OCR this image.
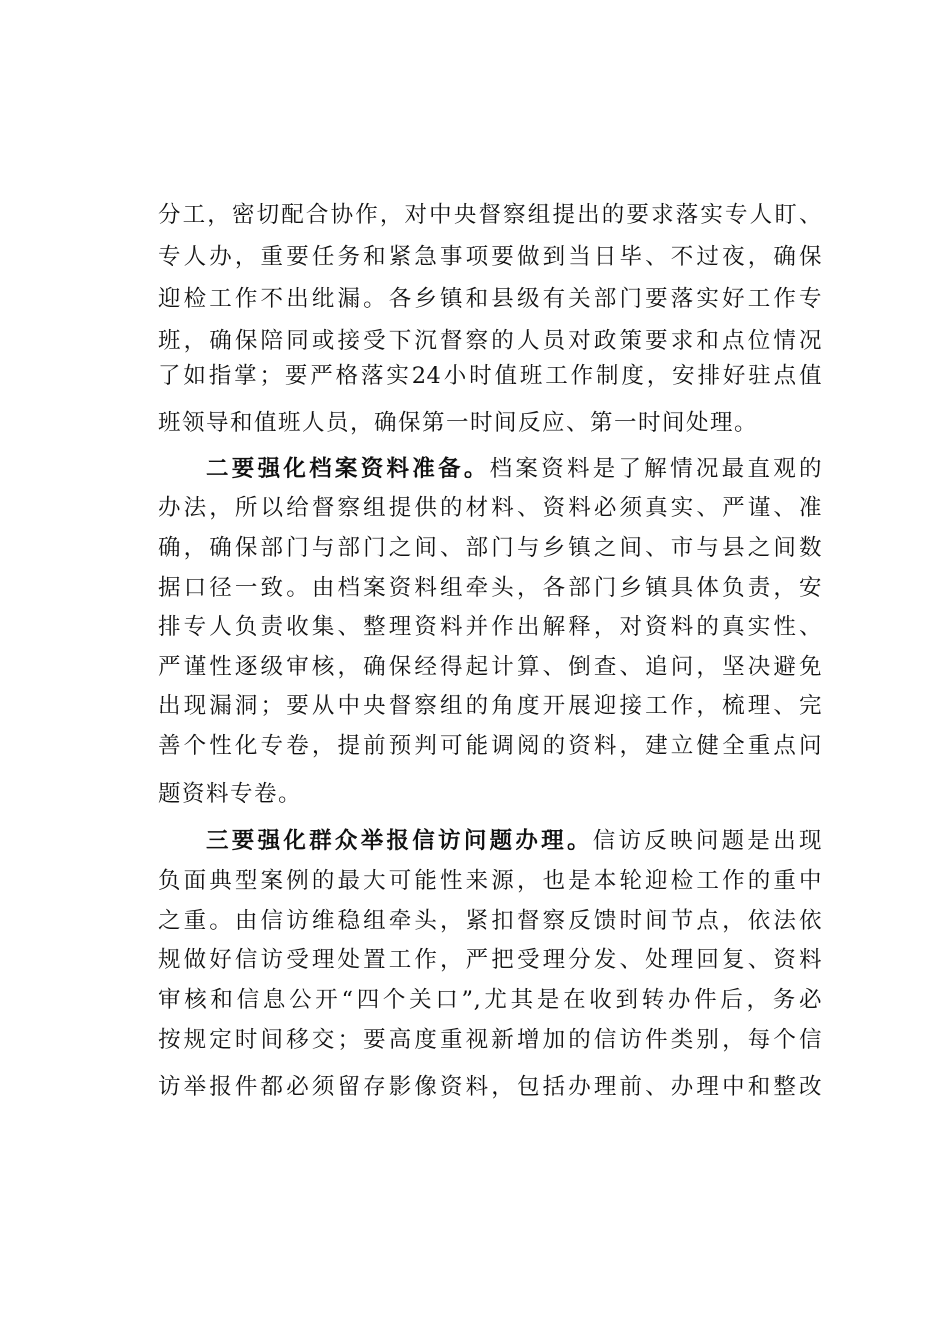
分工，密切配合协作，对中央督察组提出的要求落实专人盯、
专人办，重要任务和紧急事项要做到当日毕、不过夜，确保
迎检工作不出纰漏。各乡镇和县级有关部门要落实好工作专
班，确保陪同或接受下沉督察的人员对政策要求和点位情况
了如指掌；要严格落实24小时值班工作制度，安排好驻点值
班领导和值班人员，确保第一时间反应、第一时间处理。
二要强化档案资料准备。档案资料是了解情况最直观的
办法，所以给督察组提供的材料、资料必须真实、严谨、准
确，确保部门与部门之间、部门与乡镇之间、市与县之间数
据口径一致。由档案资料组牵头，各部门乡镇具体负责，安
排专人负责收集、整理资料并作出解释，对资料的真实性、
严谨性逐级审核，确保经得起计算、倒查、追问，坚决避免
出现漏洞；要从中央督察组的角度开展迎接工作，梳理、完
善个性化专卷，提前预判可能调阅的资料，建立健全重点问
题资料专卷。
三要强化群众举报信访问题办理。信访反映问题是出现
负面典型案例的最大可能性来源，也是本轮迎检工作的重中
之重。由信访维稳组牵头，紧扣督察反馈时间节点，依法依
规做好信访受理处置工作，严把受理分发、处理回复、资料
审核和信息公开“四个关口”,尤其是在收到转办件后，务必
按规定时间移交；要高度重视新增加的信访件类别，每个信
访举报件都必须留存影像资料，包括办理前、办理中和整改
